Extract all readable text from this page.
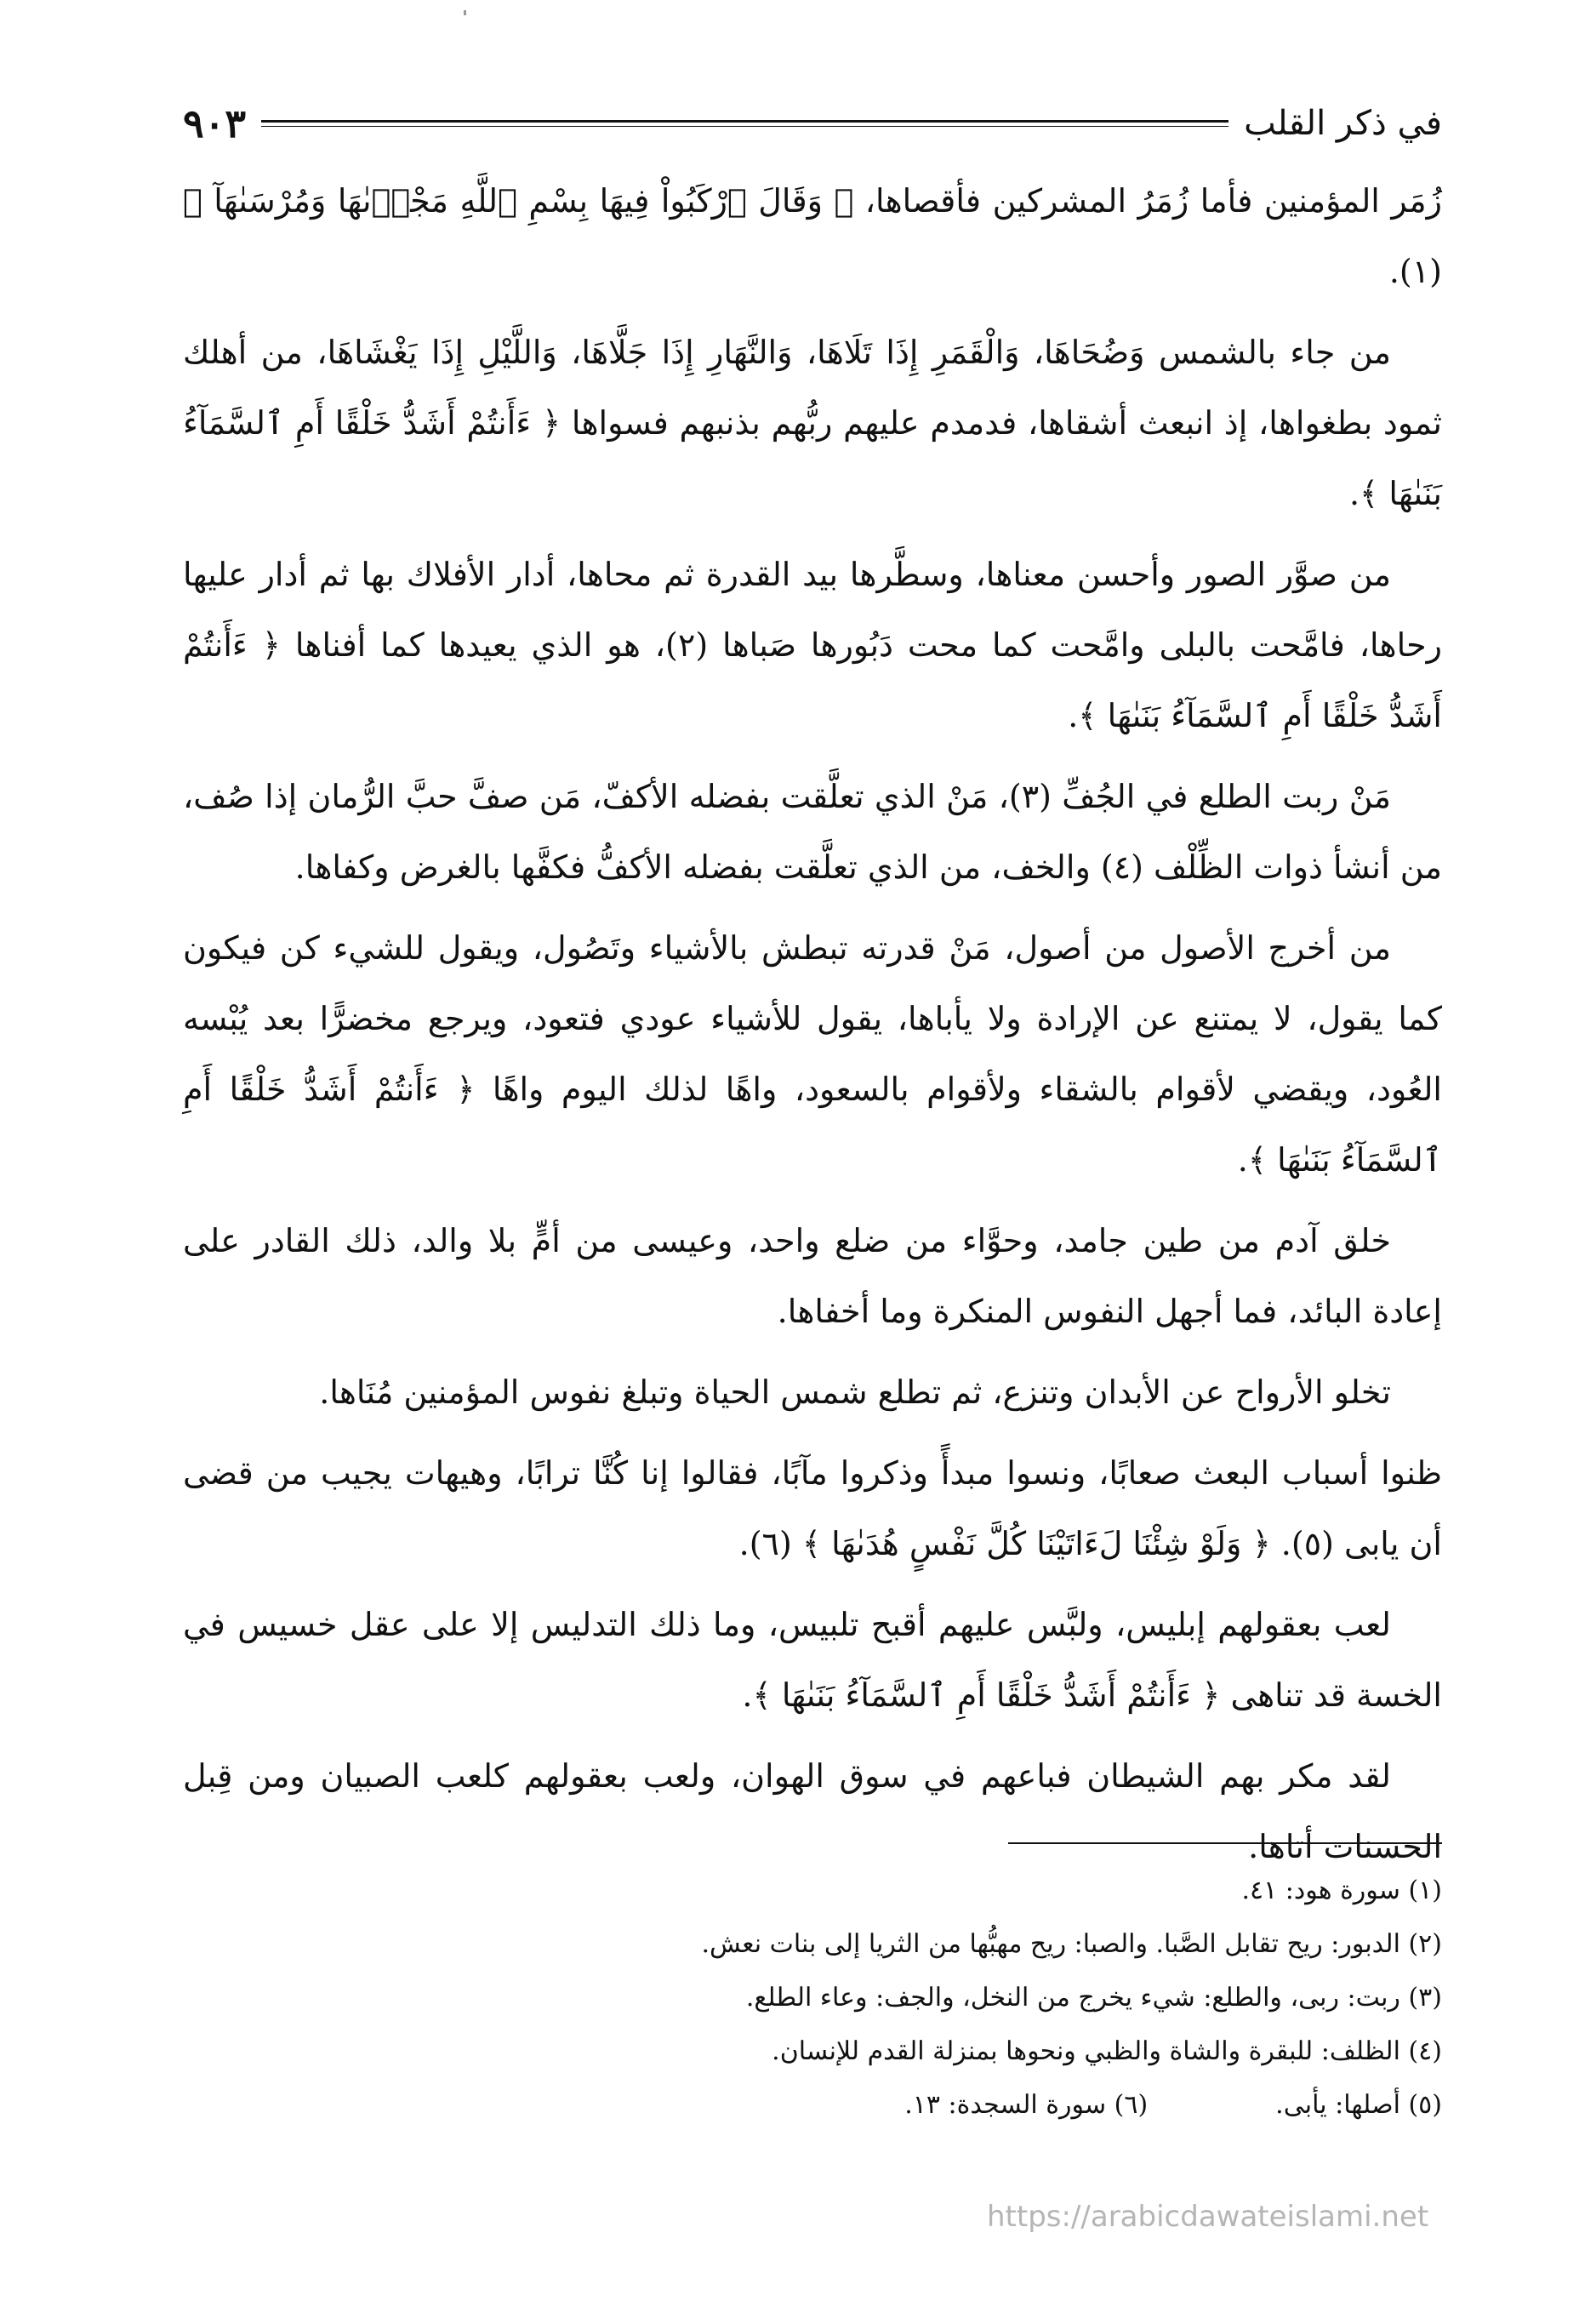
في ذكر القلب
٩٠٣

زُمَر المؤمنين فأما زُمَرُ المشركين فأقصاها، ﴿ وَقَالَ ٱرْكَبُواْ فِيهَا بِسْمِ ٱللَّهِ مَجْرٜىٰهَا وَمُرْسَىٰهَآ ﴾ (١).

من جاء بالشمس وَضُحَاهَا، وَالْقَمَرِ إِذَا تَلَاهَا، وَالنَّهَارِ إِذَا جَلَّاهَا، وَاللَّيْلِ إِذَا يَغْشَاهَا، من أهلك ثمود بطغواها، إذ انبعث أشقاها، فدمدم عليهم ربُّهم بذنبهم فسواها ﴿ ءَأَنتُمْ أَشَدُّ خَلْقًا أَمِ ٱلسَّمَآءُ بَنَىٰهَا ﴾.

من صوَّر الصور وأحسن معناها، وسطَّرها بيد القدرة ثم محاها، أدار الأفلاك بها ثم أدار عليها رحاها، فامَّحت بالبلى وامَّحت كما محت دَبُورها صَباها (٢)، هو الذي يعيدها كما أفناها ﴿ ءَأَنتُمْ أَشَدُّ خَلْقًا أَمِ ٱلسَّمَآءُ بَنَىٰهَا ﴾.

مَنْ ربت الطلع في الجُفِّ (٣)، مَنْ الذي تعلَّقت بفضله الأكفّ، مَن صفَّ حبَّ الرُّمان إذا صُف، من أنشأ ذوات الظِّلْف (٤) والخف، من الذي تعلَّقت بفضله الأكفُّ فكفَّها بالغرض وكفاها.

من أخرج الأصول من أصول، مَنْ قدرته تبطش بالأشياء وتَصُول، ويقول للشيء كن فيكون كما يقول، لا يمتنع عن الإرادة ولا يأباها، يقول للأشياء عودي فتعود، ويرجع مخضرًّا بعد يُبْسه العُود، ويقضي لأقوام بالشقاء ولأقوام بالسعود، واهًا لذلك اليوم واهًا ﴿ ءَأَنتُمْ أَشَدُّ خَلْقًا أَمِ ٱلسَّمَآءُ بَنَىٰهَا ﴾.

خلق آدم من طين جامد، وحوَّاء من ضلع واحد، وعيسى من أمٍّ بلا والد، ذلك القادر على إعادة البائد، فما أجهل النفوس المنكرة وما أخفاها.

تخلو الأرواح عن الأبدان وتنزع، ثم تطلع شمس الحياة وتبلغ نفوس المؤمنين مُنَاها.

ظنوا أسباب البعث صعابًا، ونسوا مبدأً وذكروا مآبًا، فقالوا إنا كُنَّا ترابًا، وهيهات يجيب من قضى أن يابى (٥). ﴿ وَلَوْ شِئْنَا لَءَاتَيْنَا كُلَّ نَفْسٍ هُدَىٰهَا ﴾ (٦).

لعب بعقولهم إبليس، ولبَّس عليهم أقبح تلبيس، وما ذلك التدليس إلا على عقل خسيس في الخسة قد تناهى ﴿ ءَأَنتُمْ أَشَدُّ خَلْقًا أَمِ ٱلسَّمَآءُ بَنَىٰهَا ﴾.

لقد مكر بهم الشيطان فباعهم في سوق الهوان، ولعب بعقولهم كلعب الصبيان ومن قِبل الحسنات أتاها.

(١) سورة هود: ٤١.
(٢) الدبور: ريح تقابل الصَّبا. والصبا: ريح مهبُّها من الثريا إلى بنات نعش.
(٣) ربت: ربى، والطلع: شيء يخرج من النخل، والجف: وعاء الطلع.
(٤) الظلف: للبقرة والشاة والظبي ونحوها بمنزلة القدم للإنسان.
(٥) أصلها: يأبى.
(٦) سورة السجدة: ١٣.
https://arabicdawateislami.net
